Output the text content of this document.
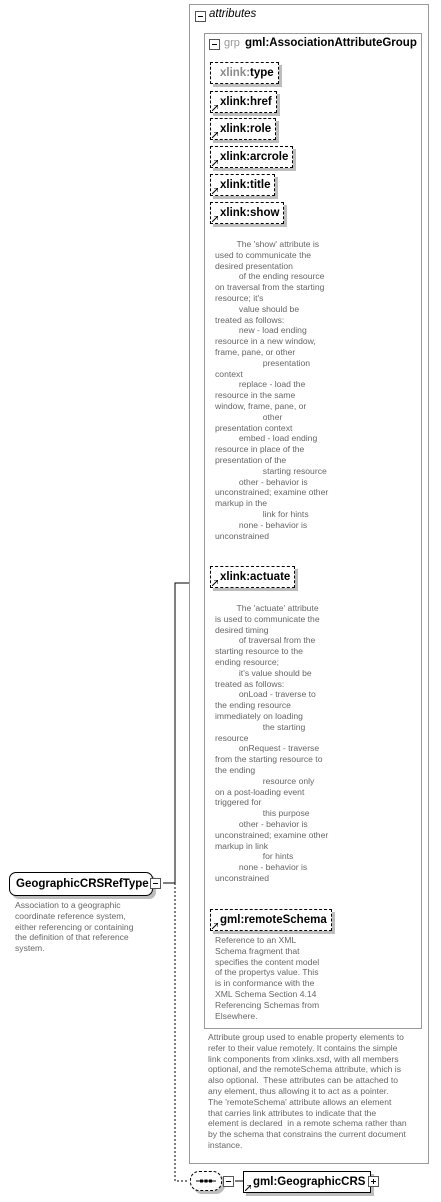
GeographicCRSRefType
Association to a geographic
coordinate reference system,
either referencing or containing
the definition of that reference
system.
attributes
grp gml:AssociationAttributeGroup
xlink:type
xlink:href
xlink:role
xlink:arcrole
xlink:title
xlink:show
The 'show' attribute is
used to communicate the
desired presentation
of the ending resource
on traversal from the starting
resource; it's
value should be
treated as follows:
new - load ending
resource in a new window,
frame, pane, or other
presentation
context
replace - load the
resource in the same
window, frame, pane, or
other
presentation context
embed - load ending
resource in place of the
presentation of the
starting resource
other - behavior is
unconstrained; examine other
markup in the
link for hints
none - behavior is
unconstrained
xlink:actuate
The 'actuate' attribute
is used to communicate the
desired timing
of traversal from the
starting resource to the
ending resource;
it's value should be
treated as follows:
onLoad - traverse to
the ending resource
immediately on loading
the starting
resource
onRequest - traverse
from the starting resource to
the ending
resource only
on a post-loading event
triggered for
this purpose
other - behavior is
unconstrained; examine other
markup in link
for hints
none - behavior is
unconstrained
gml:remoteSchema
Reference to an XML
Schema fragment that
specifies the content model
of the propertys value. This
is in conformance with the
XML Schema Section 4.14
Referencing Schemas from
Elsewhere.
Attribute group used to enable property elements to
refer to their value remotely. It contains the simple
link components from xlinks.xsd, with all members
optional, and the remoteSchema attribute, which is
also optional.  These attributes can be attached to
any element, thus allowing it to act as a pointer.
The 'remoteSchema' attribute allows an element
that carries link attributes to indicate that the
element is declared  in a remote schema rather than
by the schema that constrains the current document
instance.
gml:GeographicCRS
